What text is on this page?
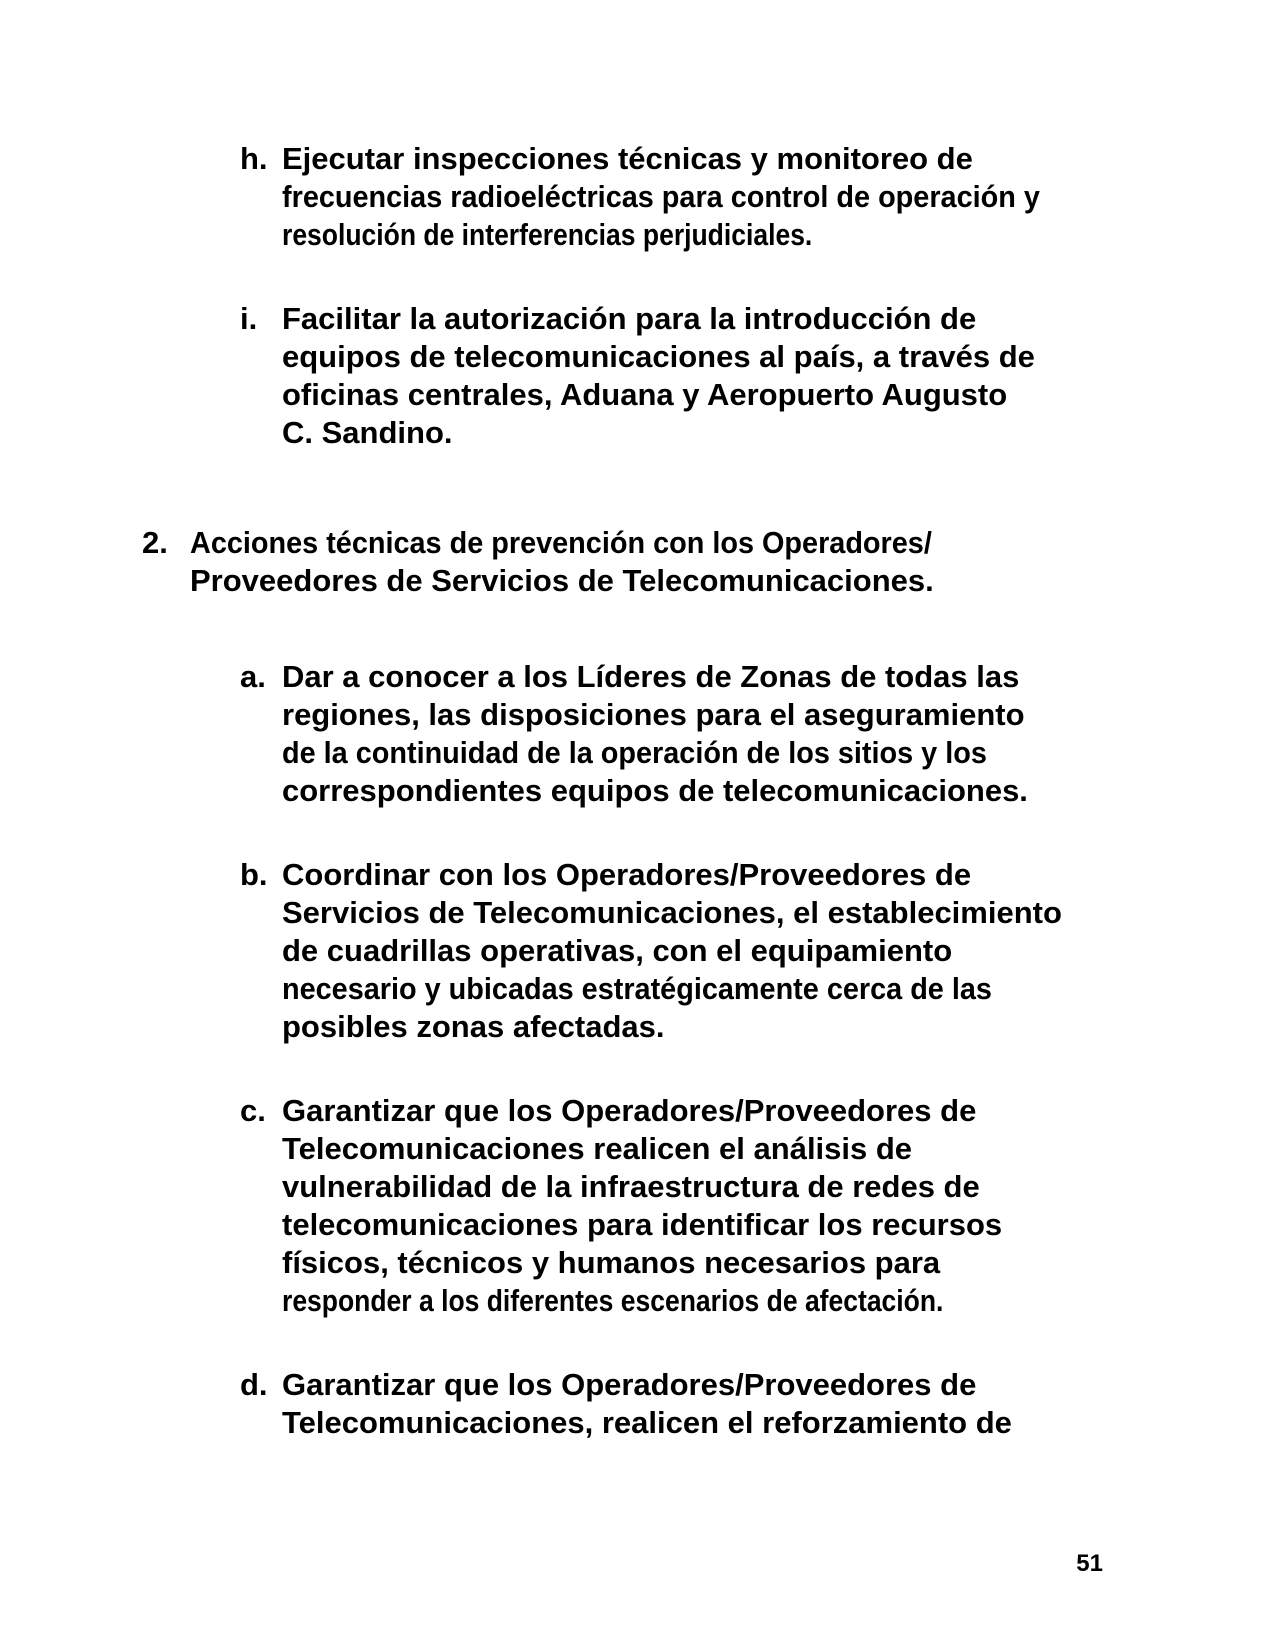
h. Ejecutar inspecciones técnicas y monitoreo de
frecuencias radioeléctricas para control de operación y
resolución de interferencias perjudiciales.
i. Facilitar la autorización para la introducción de
equipos de telecomunicaciones al país, a través de
oficinas centrales, Aduana y Aeropuerto Augusto
C. Sandino.
2. Acciones técnicas de prevención con los Operadores/
Proveedores de Servicios de Telecomunicaciones.
a. Dar a conocer a los Líderes de Zonas de todas las
regiones, las disposiciones para el aseguramiento
de la continuidad de la operación de los sitios y los
correspondientes equipos de telecomunicaciones.
b. Coordinar con los Operadores/Proveedores de
Servicios de Telecomunicaciones, el establecimiento
de cuadrillas operativas, con el equipamiento
necesario y ubicadas estratégicamente cerca de las
posibles zonas afectadas.
c. Garantizar que los Operadores/Proveedores de
Telecomunicaciones realicen el análisis de
vulnerabilidad de la infraestructura de redes de
telecomunicaciones para identificar los recursos
físicos, técnicos y humanos necesarios para
responder a los diferentes escenarios de afectación.
d. Garantizar que los Operadores/Proveedores de
Telecomunicaciones, realicen el reforzamiento de
51
